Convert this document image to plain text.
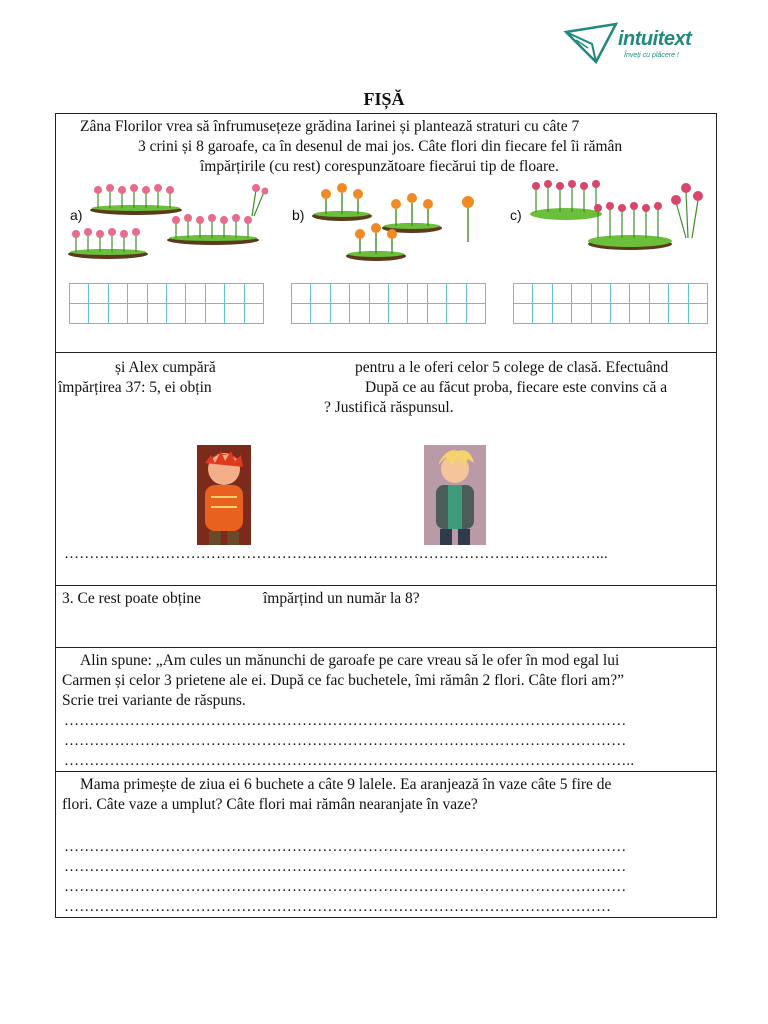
intuitext
Înveți cu plăcere !
FIȘĂ
Zâna Florilor vrea să înfrumusețeze grădina Iarinei și plantează straturi cu câte 7
3 crini și 8 garoafe, ca în desenul de mai jos. Câte flori din fiecare fel îi rămân
împărțirile (cu rest) corespunzătoare fiecărui tip de floare.
a)	b)	c)

și Alex cumpără	pentru a le oferi celor 5 colege de clasă. Efectuând
împărțirea 37: 5, ei obțin	După ce au făcut proba, fiecare este convins că a
? Justifică răspunsul.
……………………………………………………………………………………………...
3. Ce rest poate obține	împărțind un număr la 8?
Alin spune: „Am cules un mănunchi de garoafe pe care vreau să le ofer în mod egal lui
Carmen și celor 3 prietene ale ei. După ce fac buchetele, îmi rămân 2 flori. Câte flori am?”
Scrie trei variante de răspuns.
…………………………………………………………………………………………………
…………………………………………………………………………………………………
…………………………………………………………………………………………………..
Mama primește de ziua ei 6 buchete a câte 9 lalele. Ea aranjează în vaze câte 5 fire de
flori. Câte vaze a umplut? Câte flori mai rămân nearanjate în vaze?
…………………………………………………………………………………………………
…………………………………………………………………………………………………
…………………………………………………………………………………………………
………………………………………………………………………………………………
